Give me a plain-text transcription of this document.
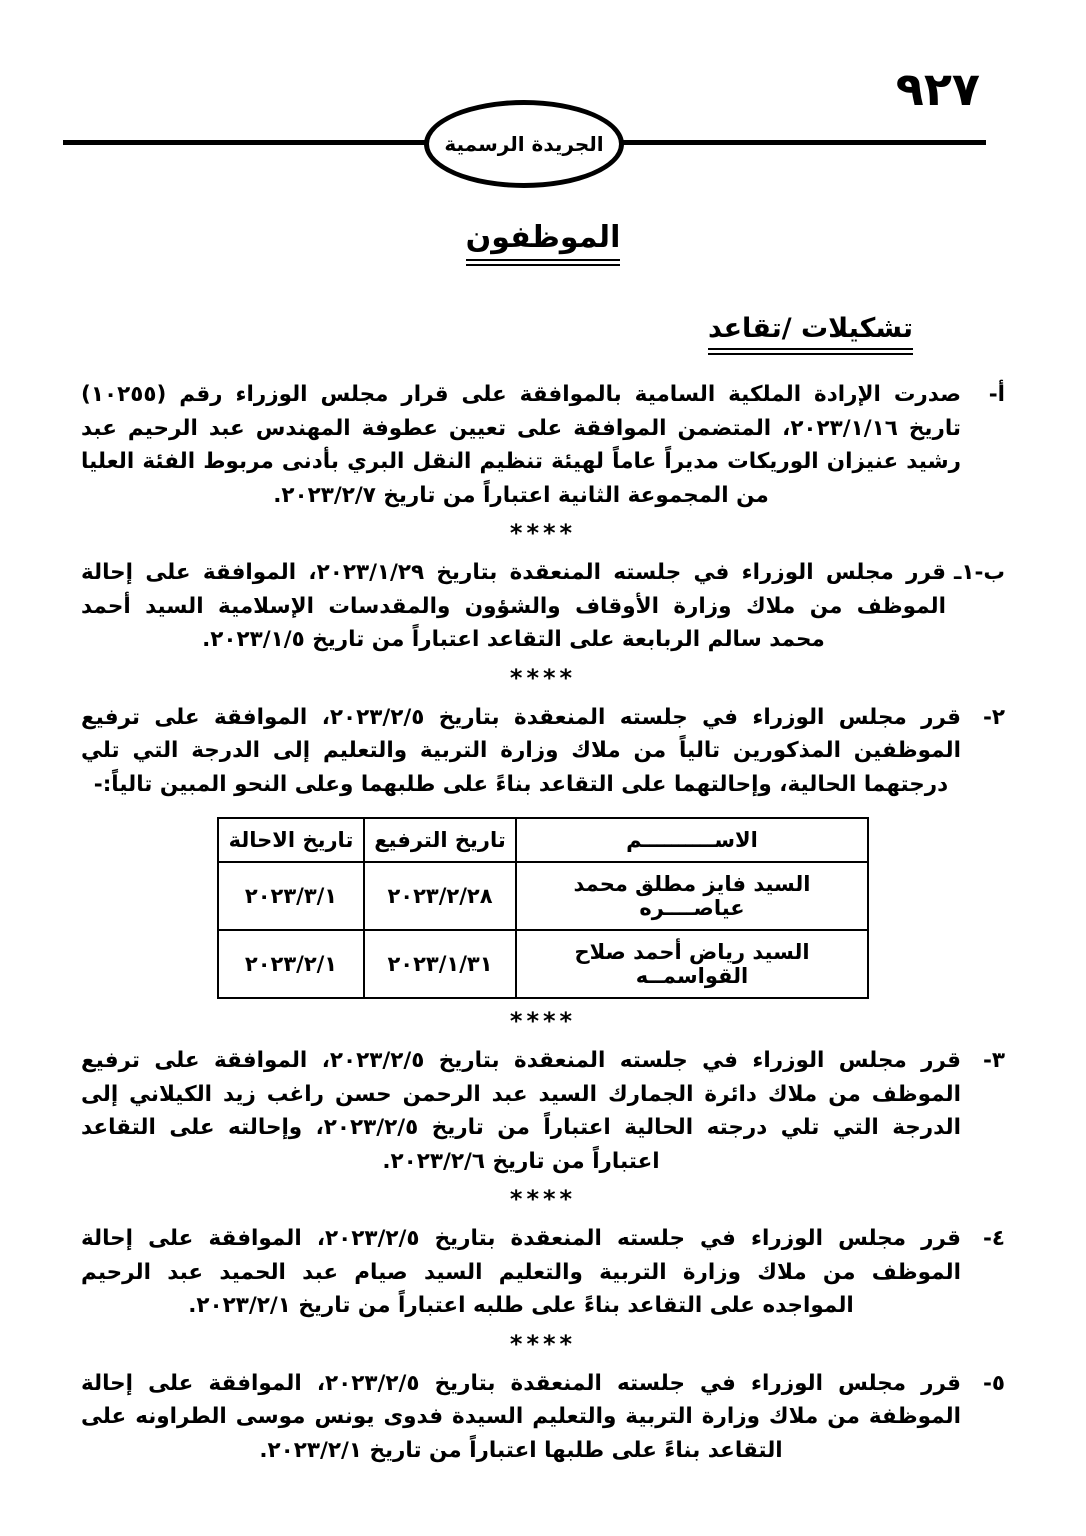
٩٢٧
الجريدة الرسمية
الموظفون
تشكيلات /تقاعد
أ-
صدرت الإرادة الملكية السامية بالموافقة على قرار مجلس الوزراء رقم (١٠٢٥٥) تاريخ ٢٠٢٣/١/١٦، المتضمن الموافقة على تعيين عطوفة المهندس عبد الرحيم عبد رشيد عنيزان الوريكات مديراً عاماً لهيئة تنظيم النقل البري بأدنى مربوط الفئة العليا من المجموعة الثانية اعتباراً من تاريخ ٢٠٢٣/٢/٧.
****
ب-١ـ
قرر مجلس الوزراء في جلسته المنعقدة بتاريخ ٢٠٢٣/١/٢٩، الموافقة على إحالة الموظف من ملاك وزارة الأوقاف والشؤون والمقدسات الإسلامية السيد أحمد محمد سالم الربابعة على التقاعد اعتباراً من تاريخ ٢٠٢٣/١/٥.
****
٢-
قرر مجلس الوزراء في جلسته المنعقدة بتاريخ ٢٠٢٣/٢/٥، الموافقة على ترفيع الموظفين المذكورين تالياً من ملاك وزارة التربية والتعليم إلى الدرجة التي تلي درجتهما الحالية، وإحالتهما على التقاعد بناءً على طلبهما وعلى النحو المبين تالياً:-
الاســــــــــم	تاريخ الترفيع	تاريخ الاحالة
السيد فايز مطلق محمد عياصــــره	٢٠٢٣/٢/٢٨	٢٠٢٣/٣/١
السيد رياض أحمد صلاح القواسمــه	٢٠٢٣/١/٣١	٢٠٢٣/٢/١
****
٣-
قرر مجلس الوزراء في جلسته المنعقدة بتاريخ ٢٠٢٣/٢/٥، الموافقة على ترفيع الموظف من ملاك دائرة الجمارك السيد عبد الرحمن حسن راغب زيد الكيلاني إلى الدرجة التي تلي درجته الحالية اعتباراً من تاريخ ٢٠٢٣/٢/٥، وإحالته على التقاعد اعتباراً من تاريخ ٢٠٢٣/٢/٦.
****
٤-
قرر مجلس الوزراء في جلسته المنعقدة بتاريخ ٢٠٢٣/٢/٥، الموافقة على إحالة الموظف من ملاك وزارة التربية والتعليم السيد صيام عبد الحميد عبد الرحيم المواجده على التقاعد بناءً على طلبه اعتباراً من تاريخ ٢٠٢٣/٢/١.
****
٥-
قرر مجلس الوزراء في جلسته المنعقدة بتاريخ ٢٠٢٣/٢/٥، الموافقة على إحالة الموظفة من ملاك وزارة التربية والتعليم السيدة فدوى يونس موسى الطراونه على التقاعد بناءً على طلبها اعتباراً من تاريخ ٢٠٢٣/٢/١.
